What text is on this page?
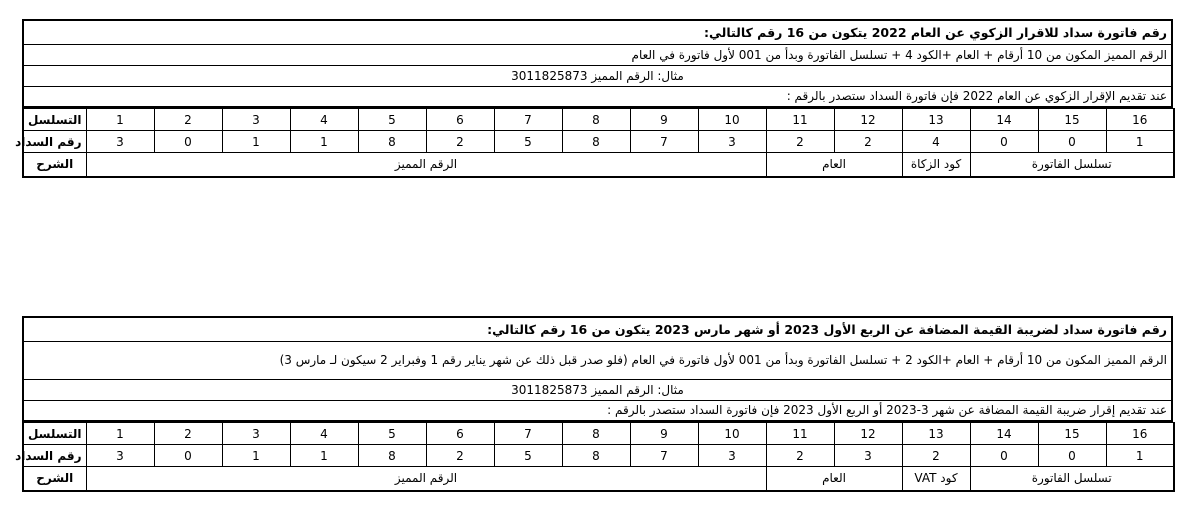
رقم فاتورة سداد للاقرار الزكوي عن العام 2022 يتكون من 16 رقم كالتالي:
الرقم المميز المكون من 10 أرقام + العام +الكود 4 + تسلسل الفاتورة وبدأ من 001 لأول فاتورة في العام
مثال: الرقم المميز 3011825873
عند تقديم الإقرار الزكوي عن العام 2022 فإن فاتورة السداد ستصدر بالرقم :
16	15	14	13	12	11	10	9	8	7	6	5	4	3	2	1	التسلسل
1	0	0	4	2	2	3	7	8	5	2	8	1	1	0	3	رقم السداد
تسلسل الفاتورة			كود الزكاة	العام		الرقم المميز										الشرح
رقم فاتورة سداد لضريبة القيمة المضافة عن الربع الأول 2023 أو شهر مارس 2023 يتكون من 16 رقم كالتالي:
الرقم المميز المكون من 10 أرقام + العام +الكود 2 + تسلسل الفاتورة وبدأ من 001 لأول فاتورة في العام (فلو صدر قبل ذلك عن شهر يناير رقم 1 وفبراير 2 سيكون لـ مارس 3)
مثال: الرقم المميز 3011825873
عند تقديم إقرار ضريبة القيمة المضافة عن شهر 3-2023 أو الربع الأول 2023 فإن فاتورة السداد ستصدر بالرقم :
16	15	14	13	12	11	10	9	8	7	6	5	4	3	2	1	التسلسل
1	0	0	2	3	2	3	7	8	5	2	8	1	1	0	3	رقم السداد
تسلسل الفاتورة			كود VAT	العام		الرقم المميز										الشرح
